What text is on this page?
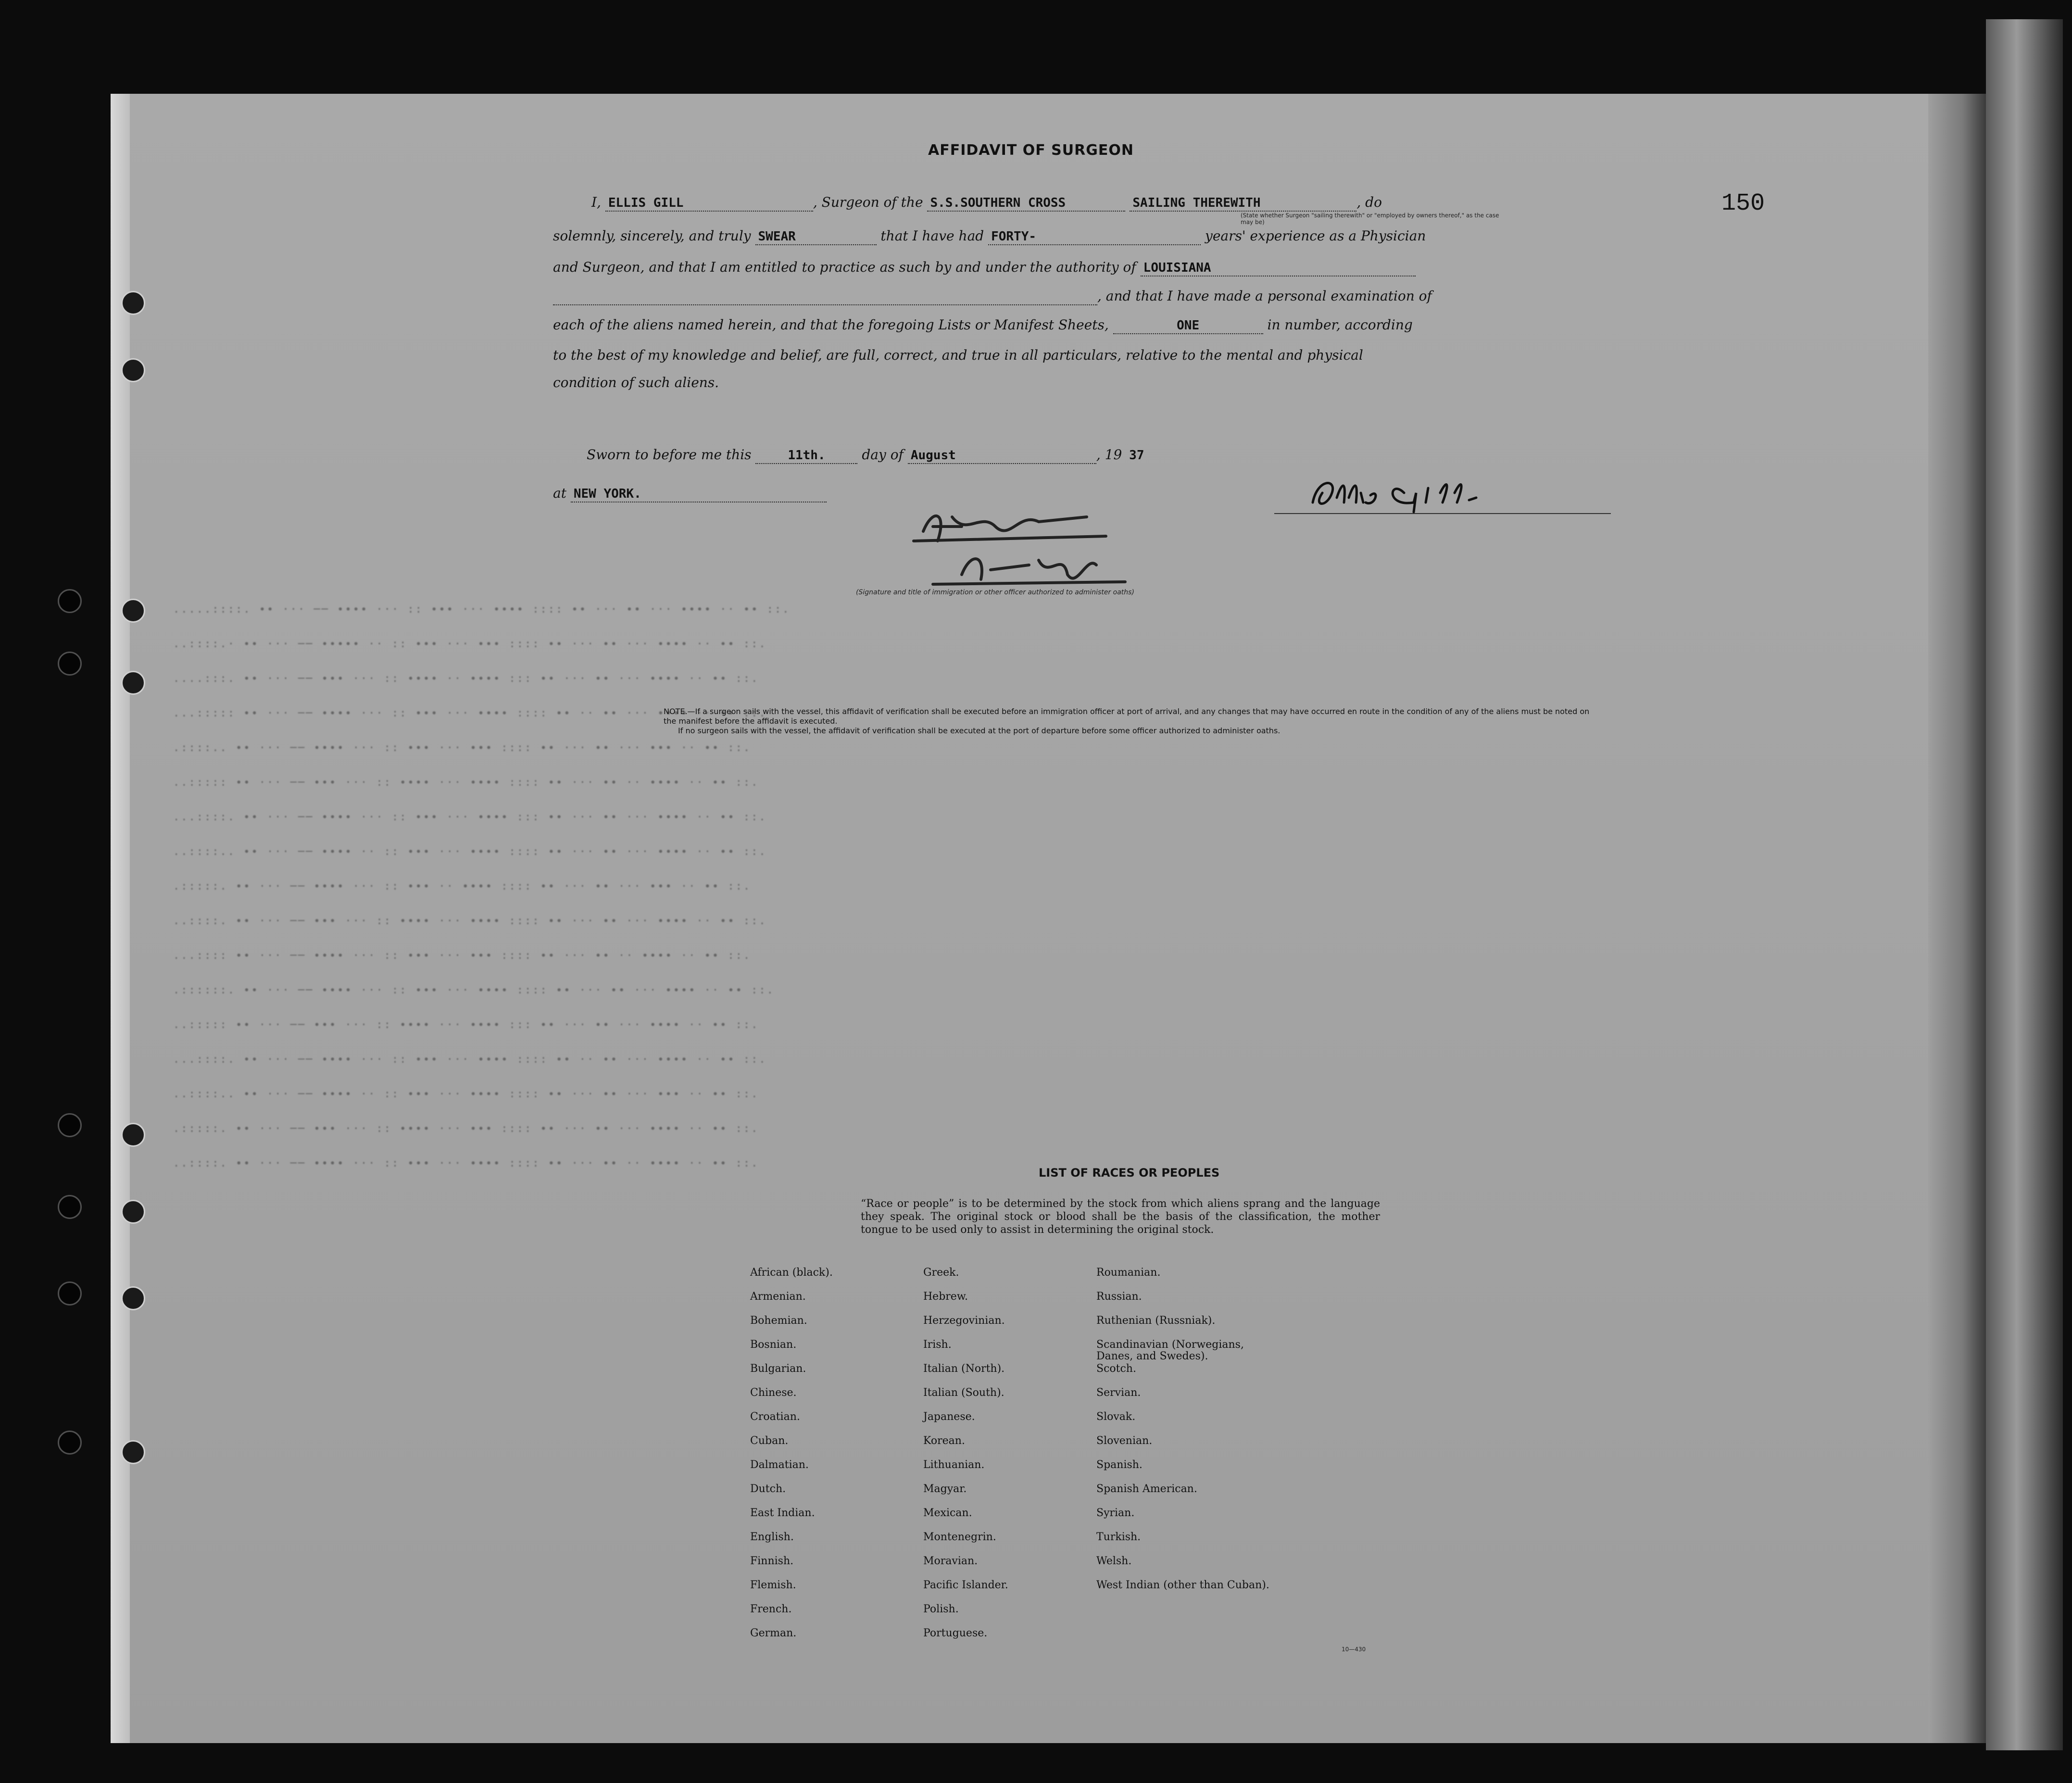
.....::::. ∙∙ ··· ── ∙∙∙∙ ··· :: ∙∙∙ ··· ∙∙∙∙ :::: ∙∙ ··· ∙∙ ··· ∙∙∙∙ ·· ∙∙ ::.
..::::.· ∙∙ ··· ── ∙∙∙∙∙ ·· :: ∙∙∙ ··· ∙∙∙ :::: ∙∙ ··· ∙∙ ··· ∙∙∙∙ ·· ∙∙ ::.
....:::. ∙∙ ··· ── ∙∙∙ ··· :: ∙∙∙∙ ·· ∙∙∙∙ ::: ∙∙ ··· ∙∙ ··· ∙∙∙∙ ·· ∙∙ ::.
...::::: ∙∙ ··· ── ∙∙∙∙ ··· :: ∙∙∙ ··· ∙∙∙∙ :::: ∙∙ ·· ∙∙ ··· ∙∙∙∙ ·· ∙∙ ::.
.::::.. ∙∙ ··· ── ∙∙∙∙ ··· :: ∙∙∙ ··· ∙∙∙ :::: ∙∙ ··· ∙∙ ··· ∙∙∙ ·· ∙∙ ::.
..::::: ∙∙ ··· ── ∙∙∙ ··· :: ∙∙∙∙ ··· ∙∙∙∙ :::: ∙∙ ··· ∙∙ ·· ∙∙∙∙ ·· ∙∙ ::.
...::::. ∙∙ ··· ── ∙∙∙∙ ··· :: ∙∙∙ ··· ∙∙∙∙ ::: ∙∙ ··· ∙∙ ··· ∙∙∙∙ ·· ∙∙ ::.
..::::.. ∙∙ ··· ── ∙∙∙∙ ·· :: ∙∙∙ ··· ∙∙∙∙ :::: ∙∙ ··· ∙∙ ··· ∙∙∙∙ ·· ∙∙ ::.
.:::::. ∙∙ ··· ── ∙∙∙∙ ··· :: ∙∙∙ ·· ∙∙∙∙ :::: ∙∙ ··· ∙∙ ··· ∙∙∙ ·· ∙∙ ::.
..::::. ∙∙ ··· ── ∙∙∙ ··· :: ∙∙∙∙ ··· ∙∙∙∙ :::: ∙∙ ··· ∙∙ ··· ∙∙∙∙ ·· ∙∙ ::.
...:::: ∙∙ ··· ── ∙∙∙∙ ··· :: ∙∙∙ ··· ∙∙∙ :::: ∙∙ ··· ∙∙ ·· ∙∙∙∙ ·· ∙∙ ::.
.::::::. ∙∙ ··· ── ∙∙∙∙ ··· :: ∙∙∙ ··· ∙∙∙∙ :::: ∙∙ ··· ∙∙ ··· ∙∙∙∙ ·· ∙∙ ::.
..::::: ∙∙ ··· ── ∙∙∙ ··· :: ∙∙∙∙ ··· ∙∙∙∙ ::: ∙∙ ··· ∙∙ ··· ∙∙∙∙ ·· ∙∙ ::.
...::::. ∙∙ ··· ── ∙∙∙∙ ··· :: ∙∙∙ ··· ∙∙∙∙ :::: ∙∙ ·· ∙∙ ··· ∙∙∙∙ ·· ∙∙ ::.
..::::.. ∙∙ ··· ── ∙∙∙∙ ·· :: ∙∙∙ ··· ∙∙∙∙ :::: ∙∙ ··· ∙∙ ··· ∙∙∙ ·· ∙∙ ::.
.:::::. ∙∙ ··· ── ∙∙∙ ··· :: ∙∙∙∙ ··· ∙∙∙ :::: ∙∙ ··· ∙∙ ··· ∙∙∙∙ ·· ∙∙ ::.
..::::. ∙∙ ··· ── ∙∙∙∙ ··· :: ∙∙∙ ··· ∙∙∙∙ :::: ∙∙ ··· ∙∙ ·· ∙∙∙∙ ·· ∙∙ ::.
AFFIDAVIT OF SURGEON
150
I, ELLIS GILL	, Surgeon of the S.S.SOUTHERN CROSS	SAILING THEREWITH	, do
(State whether Surgeon "sailing therewith" or "employed by owners thereof," as the case may be)
solemnly, sincerely, and truly SWEAR	that I have had FORTY-	years' experience as a Physician
and Surgeon, and that I am entitled to practice as such by and under the authority of LOUISIANA
, and that I have made a personal examination of
each of the aliens named herein, and that the foregoing Lists or Manifest Sheets,	ONE	in number, according
to the best of my knowledge and belief, are full, correct, and true in all particulars, relative to the mental and physical
condition of such aliens.
Sworn to before me this	11th.	day of August	, 19 37
at NEW YORK.
(Signature and title of immigration or other officer authorized to administer oaths)
NOTE.—If a surgeon sails with the vessel, this affidavit of verification shall be executed before an immigration officer at port of arrival, and any changes that may have occurred en route in the condition of any of the aliens must be noted on the manifest before the affidavit is executed.
If no surgeon sails with the vessel, the affidavit of verification shall be executed at the port of departure before some officer authorized to administer oaths.
LIST OF RACES OR PEOPLES
“Race or people” is to be determined by the stock from which aliens sprang and the language they speak. The original stock or blood shall be the basis of the classification, the mother tongue to be used only to assist in determining the original stock.
African (black).
Armenian.
Bohemian.
Bosnian.
Bulgarian.
Chinese.
Croatian.
Cuban.
Dalmatian.
Dutch.
East Indian.
English.
Finnish.
Flemish.
French.
German.
Greek.
Hebrew.
Herzegovinian.
Irish.
Italian (North).
Italian (South).
Japanese.
Korean.
Lithuanian.
Magyar.
Mexican.
Montenegrin.
Moravian.
Pacific Islander.
Polish.
Portuguese.
Roumanian.
Russian.
Ruthenian (Russniak).
Scandinavian (Norwegians, Danes, and Swedes).
Scotch.
Servian.
Slovak.
Slovenian.
Spanish.
Spanish American.
Syrian.
Turkish.
Welsh.
West Indian (other than Cuban).
10—430
